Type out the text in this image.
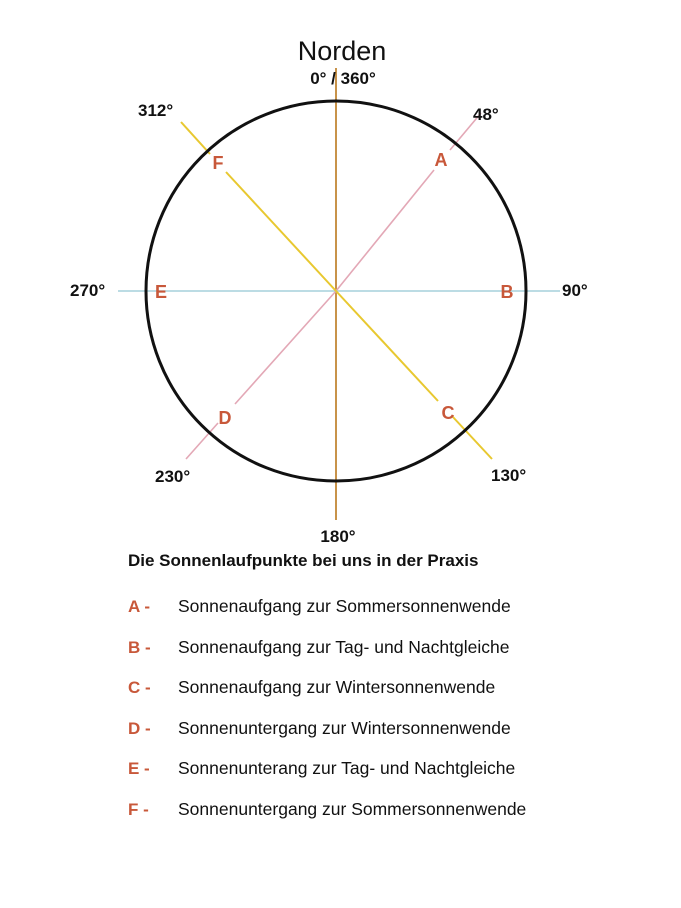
Norden
0° / 360°
48°
90°
130°
180°
230°
270°
312°
A
B
C
D
E
F

Die Sonnenlaufpunkte bei uns in der Praxis

A -	Sonnenaufgang zur Sommersonnenwende
B -	Sonnenaufgang zur Tag- und Nachtgleiche
C -	Sonnenaufgang zur Wintersonnenwende
D -	Sonnenuntergang zur Wintersonnenwende
E -	Sonnenunterang zur Tag- und Nachtgleiche
F -	Sonnenuntergang zur Sommersonnenwende
